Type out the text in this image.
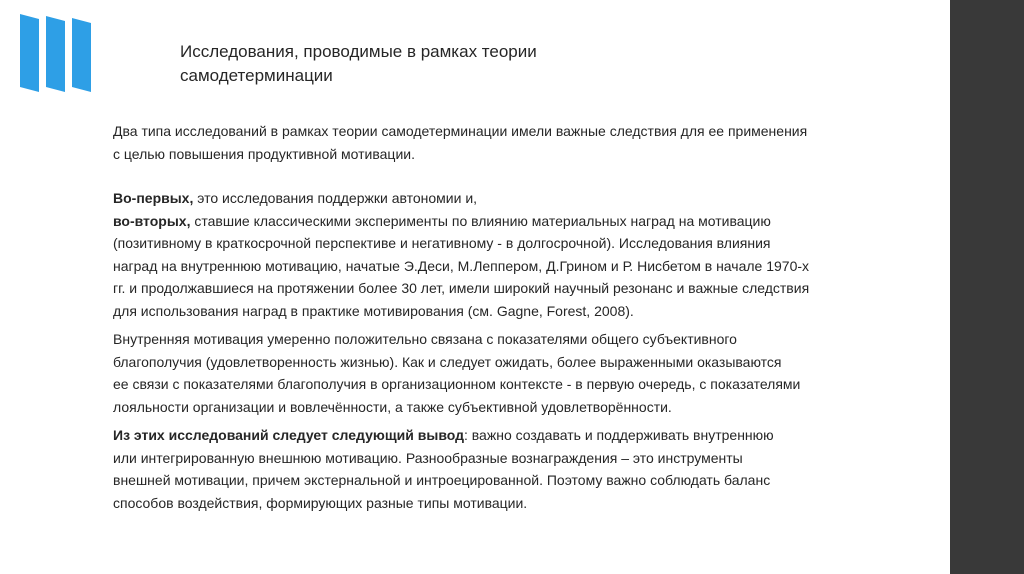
Исследования, проводимые в рамках теории
самодетерминации

Два типа исследований в рамках теории самодетерминации имели важные следствия для ее применения
с целью повышения продуктивной мотивации.

Во-первых, это исследования поддержки автономии и,
во-вторых, ставшие классическими эксперименты по влиянию материальных наград на мотивацию
(позитивному в краткосрочной перспективе и негативному - в долгосрочной). Исследования влияния
наград на внутреннюю мотивацию, начатые Э.Деси, М.Леппером, Д.Грином и Р. Нисбетом в начале 1970-х
гг. и продолжавшиеся на протяжении более 30 лет, имели широкий научный резонанс и важные следствия
для использования наград в практике мотивирования (см. Gagne, Forest, 2008).

Внутренняя мотивация умеренно положительно связана с показателями общего субъективного
благополучия (удовлетворенность жизнью). Как и следует ожидать, более выраженными оказываются
ее связи с показателями благополучия в организационном контексте - в первую очередь, с показателями
лояльности организации и вовлечённости, а также субъективной удовлетворённости.

Из этих исследований следует следующий вывод: важно создавать и поддерживать внутреннюю
или интегрированную внешнюю мотивацию. Разнообразные вознаграждения – это инструменты
внешней мотивации, причем экстернальной и интроецированной. Поэтому важно соблюдать баланс
способов воздействия, формирующих разные типы мотивации.
